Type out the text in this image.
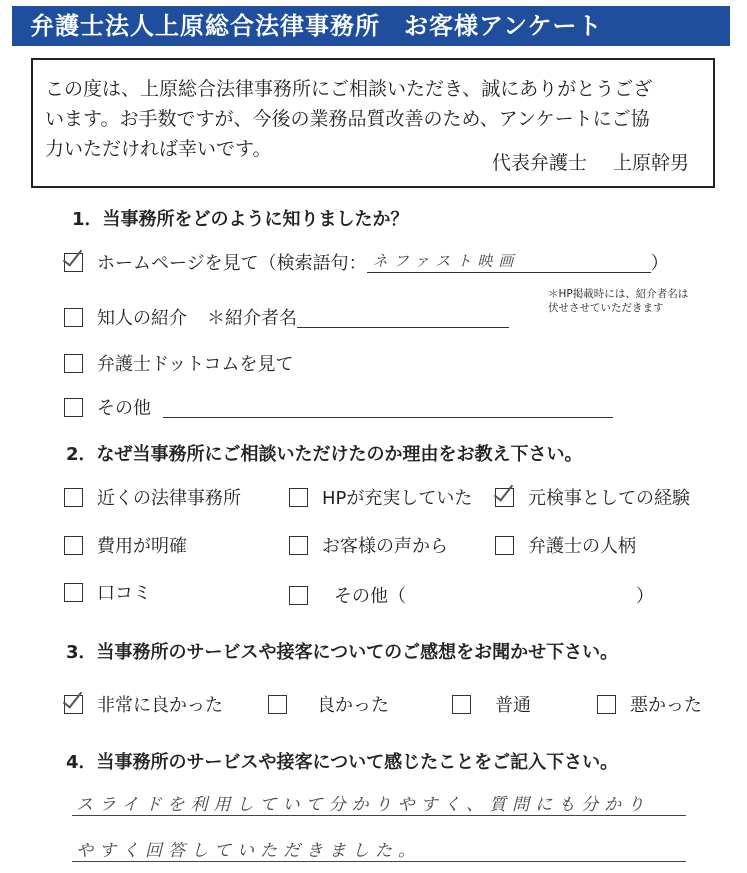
弁護士法人上原総合法律事務所 お客様アンケート
この度は、上原総合法律事務所にご相談いただき、誠にありがとうござ
います。お手数ですが、今後の業務品質改善のため、アンケートにご協
力いただければ幸いです。
代表弁護士 上原幹男
1．当事務所をどのように知りましたか？
ホームページを見て（検索語句： ネファスト映画	）
知人の紹介 ＊紹介者名
＊HP掲載時には、紹介者名は
伏せさせていただきます
弁護士ドットコムを見て
その他
2．なぜ当事務所にご相談いただけたのか理由をお教え下さい。
近くの法律事務所	HPが充実していた	元検事としての経験
費用が明確	お客様の声から	弁護士の人柄
口コミ	その他（	）
3．当事務所のサービスや接客についてのご感想をお聞かせ下さい。
非常に良かった	良かった	普通	悪かった
4．当事務所のサービスや接客について感じたことをご記入下さい。
スライドを利用していて分かりやすく、質問にも分かり
やすく回答していただきました。
